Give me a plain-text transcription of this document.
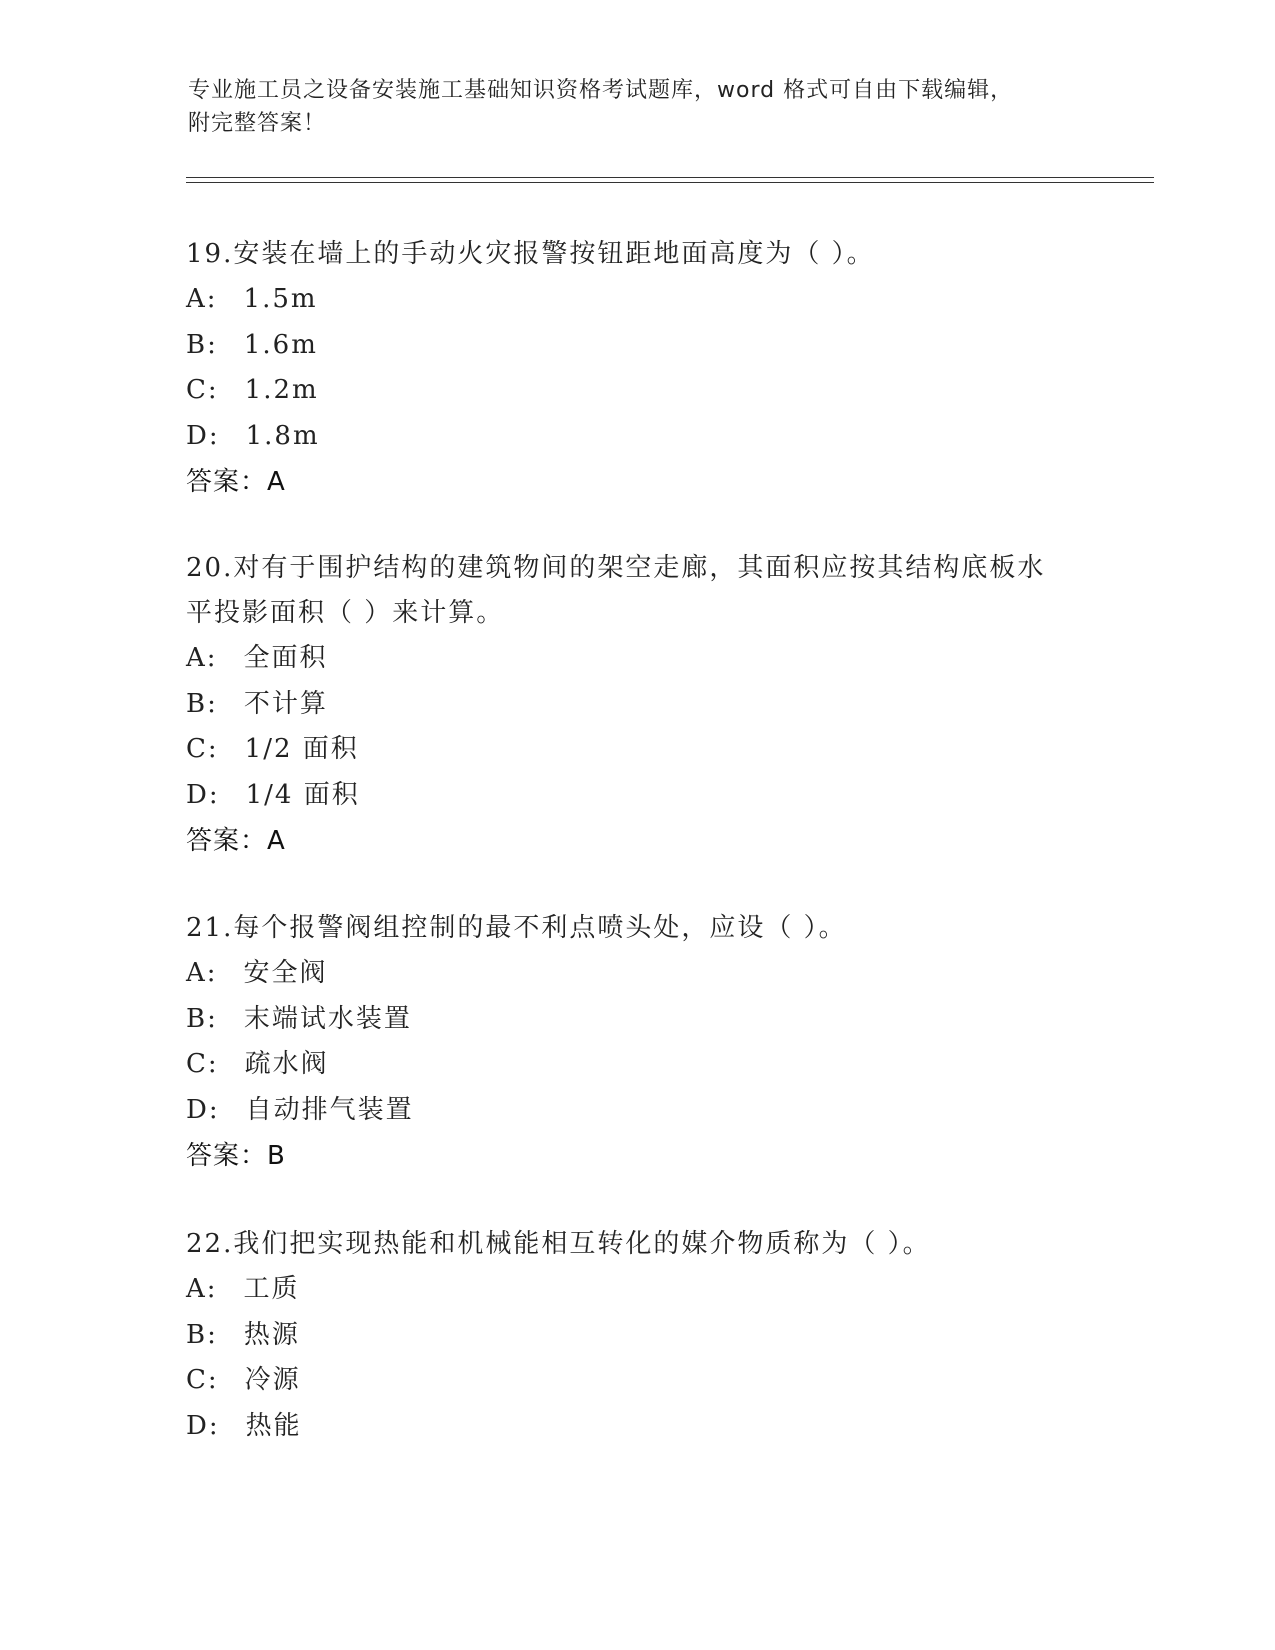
专业施工员之设备安装施工基础知识资格考试题库，word 格式可自由下载编辑，
附完整答案！
19.安装在墙上的手动火灾报警按钮距地面高度为（ ）。
A: 1.5m
B: 1.6m
C: 1.2m
D: 1.8m
答案：A
20.对有于围护结构的建筑物间的架空走廊，其面积应按其结构底板水平投影面积（ ）来计算。
A: 全面积
B: 不计算
C: 1/2 面积
D: 1/4 面积
答案：A
21.每个报警阀组控制的最不利点喷头处，应设（ ）。
A: 安全阀
B: 末端试水装置
C: 疏水阀
D: 自动排气装置
答案：B
22.我们把实现热能和机械能相互转化的媒介物质称为（ ）。
A: 工质
B: 热源
C: 冷源
D: 热能
